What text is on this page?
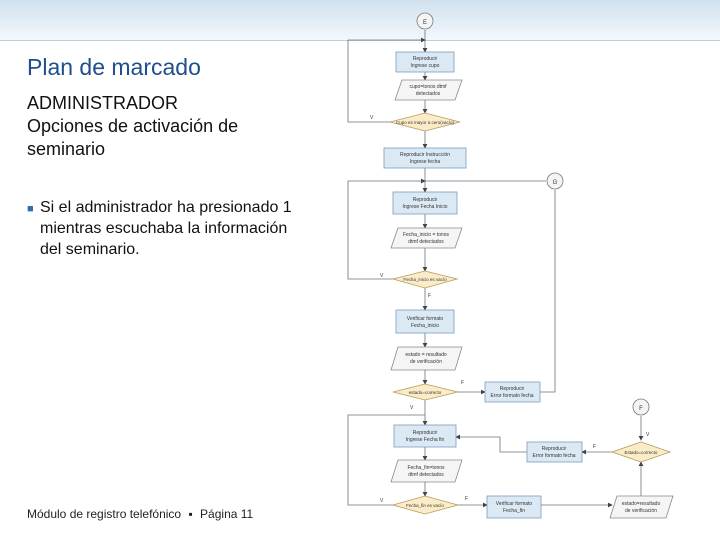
Plan de marcado
ADMINISTRADOR
Opciones de activación de
seminario
■ Si el administrador ha presionado 1
mientras escuchaba la información
del seminario.
Módulo de registro telefónico ▪ Página 11
E
G
F
Reproducir
Ingrese cupo
Reproducir Instrucción
Ingrese fecha
Reproducir
Ingrese Fecha Inicio
Verificar formato
Fecha_inicio
Reproducir
Error formato fecha
Reproducir
Ingrese Fecha fin
Reproducir
Error formato fecha
Verificar formato
Fecha_fin
cupo=tonos dtmf
detectados
Fecha_inicio = tonos
dtmf detectados
estado = resultado
de verificación
Fecha_fin=tonos
dtmf detectados
estado=resultado
de verificación
Cupo es mayor a cero(vacío)
Fecha_inicio es vacío
estado=correcto
Estado=correcto
Fecha_fin es vacío
V
V
F
F
V
V
F
V	F
